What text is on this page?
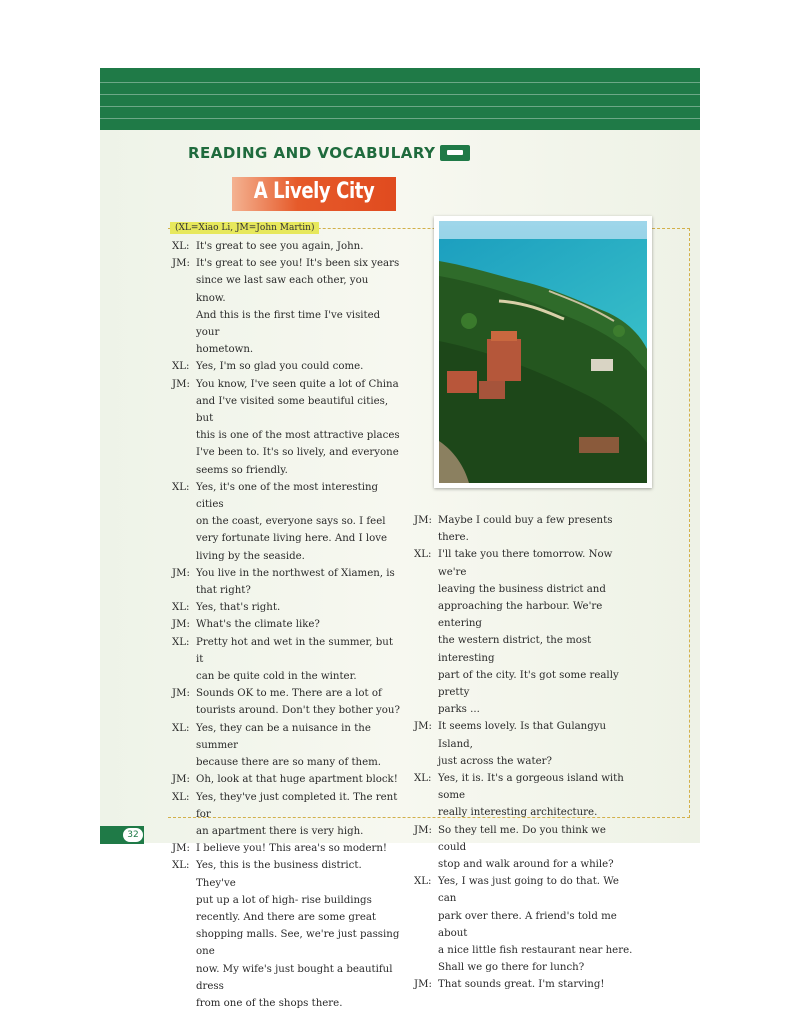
READING AND VOCABULARY
A Lively City
(XL=Xiao Li, JM=John Martin)
XL: It's great to see you again, John.
JM: It's great to see you! It's been six years
since we last saw each other, you know.
And this is the first time I've visited your
hometown.
XL: Yes, I'm so glad you could come.
JM: You know, I've seen quite a lot of China
and I've visited some beautiful cities, but
this is one of the most attractive places
I've been to. It's so lively, and everyone
seems so friendly.
XL: Yes, it's one of the most interesting cities
on the coast, everyone says so. I feel
very fortunate living here. And I love
living by the seaside.
JM: You live in the northwest of Xiamen, is
that right?
XL: Yes, that's right.
JM: What's the climate like?
XL: Pretty hot and wet in the summer, but it
can be quite cold in the winter.
JM: Sounds OK to me. There are a lot of
tourists around. Don't they bother you?
XL: Yes, they can be a nuisance in the summer
because there are so many of them.
JM: Oh, look at that huge apartment block!
XL: Yes, they've just completed it. The rent for
an apartment there is very high.
JM: I believe you! This area's so modern!
XL: Yes, this is the business district. They've
put up a lot of high- rise buildings
recently. And there are some great
shopping malls. See, we're just passing one
now. My wife's just bought a beautiful dress
from one of the shops there.
JM: Maybe I could buy a few presents there.
XL: I'll take you there tomorrow. Now we're
leaving the business district and
approaching the harbour. We're entering
the western district, the most interesting
part of the city. It's got some really pretty
parks ...
JM: It seems lovely. Is that Gulangyu Island,
just across the water?
XL: Yes, it is. It's a gorgeous island with some
really interesting architecture.
JM: So they tell me. Do you think we could
stop and walk around for a while?
XL: Yes, I was just going to do that. We can
park over there. A friend's told me about
a nice little fish restaurant near here.
Shall we go there for lunch?
JM: That sounds great. I'm starving!
32
